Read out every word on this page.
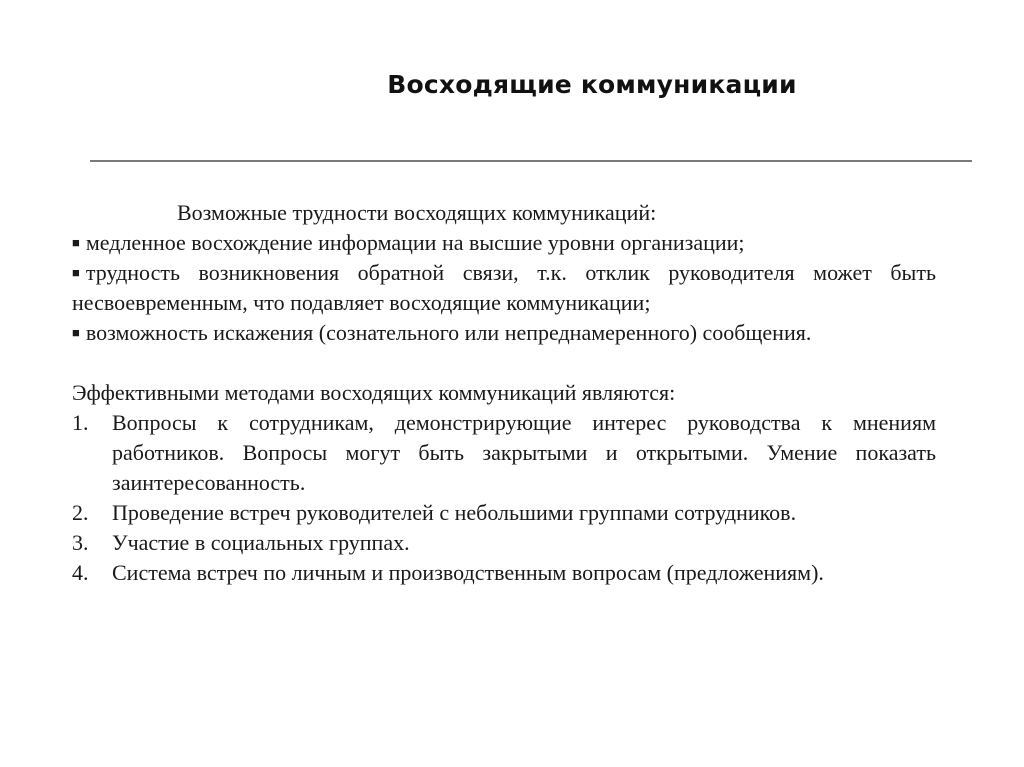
Восходящие коммуникации

Возможные трудности восходящих коммуникаций:

■ медленное восхождение информации на высшие уровни организации;

■ трудность возникновения обратной связи, т.к. отклик руководителя может быть несвоевременным, что подавляет восходящие коммуникации;

■ возможность искажения (сознательного или непреднамеренного) сообщения.

Эффективными методами восходящих коммуникаций являются:

1. Вопросы к сотрудникам, демонстрирующие интерес руководства к мнениям работников. Вопросы могут быть закрытыми и открытыми. Умение показать заинтересованность.
2. Проведение встреч руководителей с небольшими группами сотрудников.
3. Участие в социальных группах.
4. Система встреч по личным и производственным вопросам (предложениям).
